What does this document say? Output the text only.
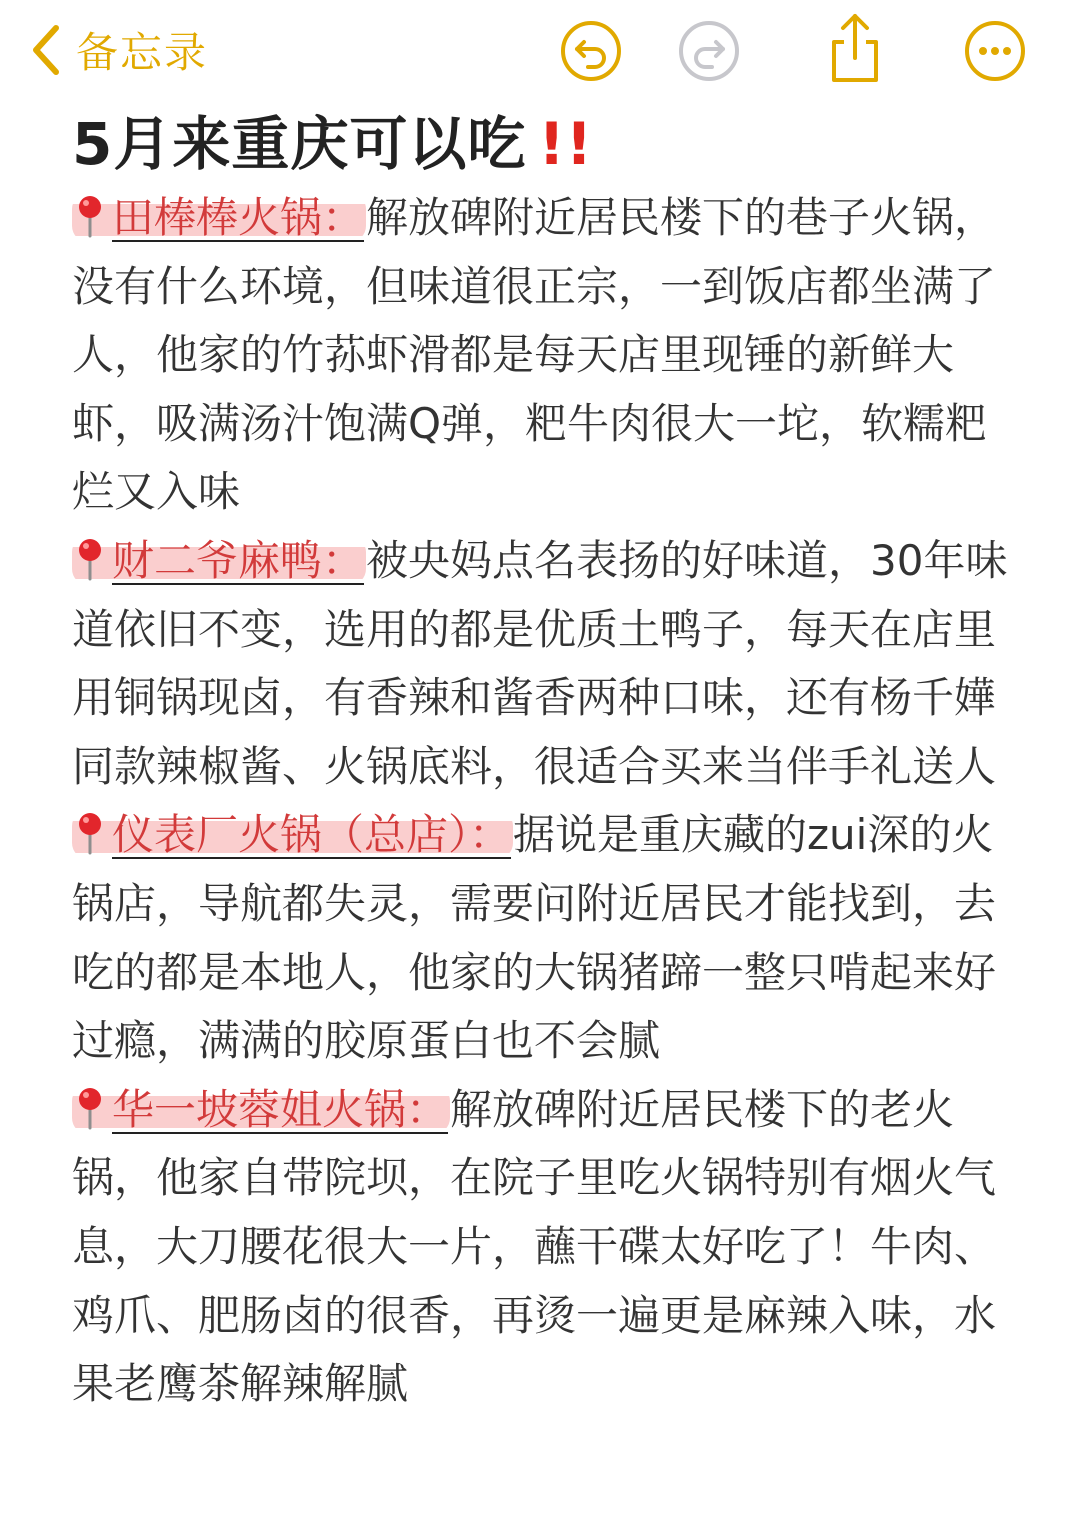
备忘录
5月来重庆可以吃 !!
田棒棒火锅：解放碑附近居民楼下的巷子火锅，没有什么环境，但味道很正宗，一到饭店都坐满了人，他家的竹荪虾滑都是每天店里现锤的新鲜大虾，吸满汤汁饱满Q弹，粑牛肉很大一坨，软糯粑烂又入味
财二爷麻鸭：被央妈点名表扬的好味道，30年味道依旧不变，选用的都是优质土鸭子，每天在店里用铜锅现卤，有香辣和酱香两种口味，还有杨千嬅同款辣椒酱、火锅底料，很适合买来当伴手礼送人
仪表厂火锅（总店）：据说是重庆藏的zui深的火锅店，导航都失灵，需要问附近居民才能找到，去吃的都是本地人，他家的大锅猪蹄一整只啃起来好过瘾，满满的胶原蛋白也不会腻
华一坡蓉姐火锅：解放碑附近居民楼下的老火锅，他家自带院坝，在院子里吃火锅特别有烟火气息，大刀腰花很大一片，蘸干碟太好吃了！牛肉、鸡爪、肥肠卤的很香，再烫一遍更是麻辣入味，水果老鹰茶解辣解腻
